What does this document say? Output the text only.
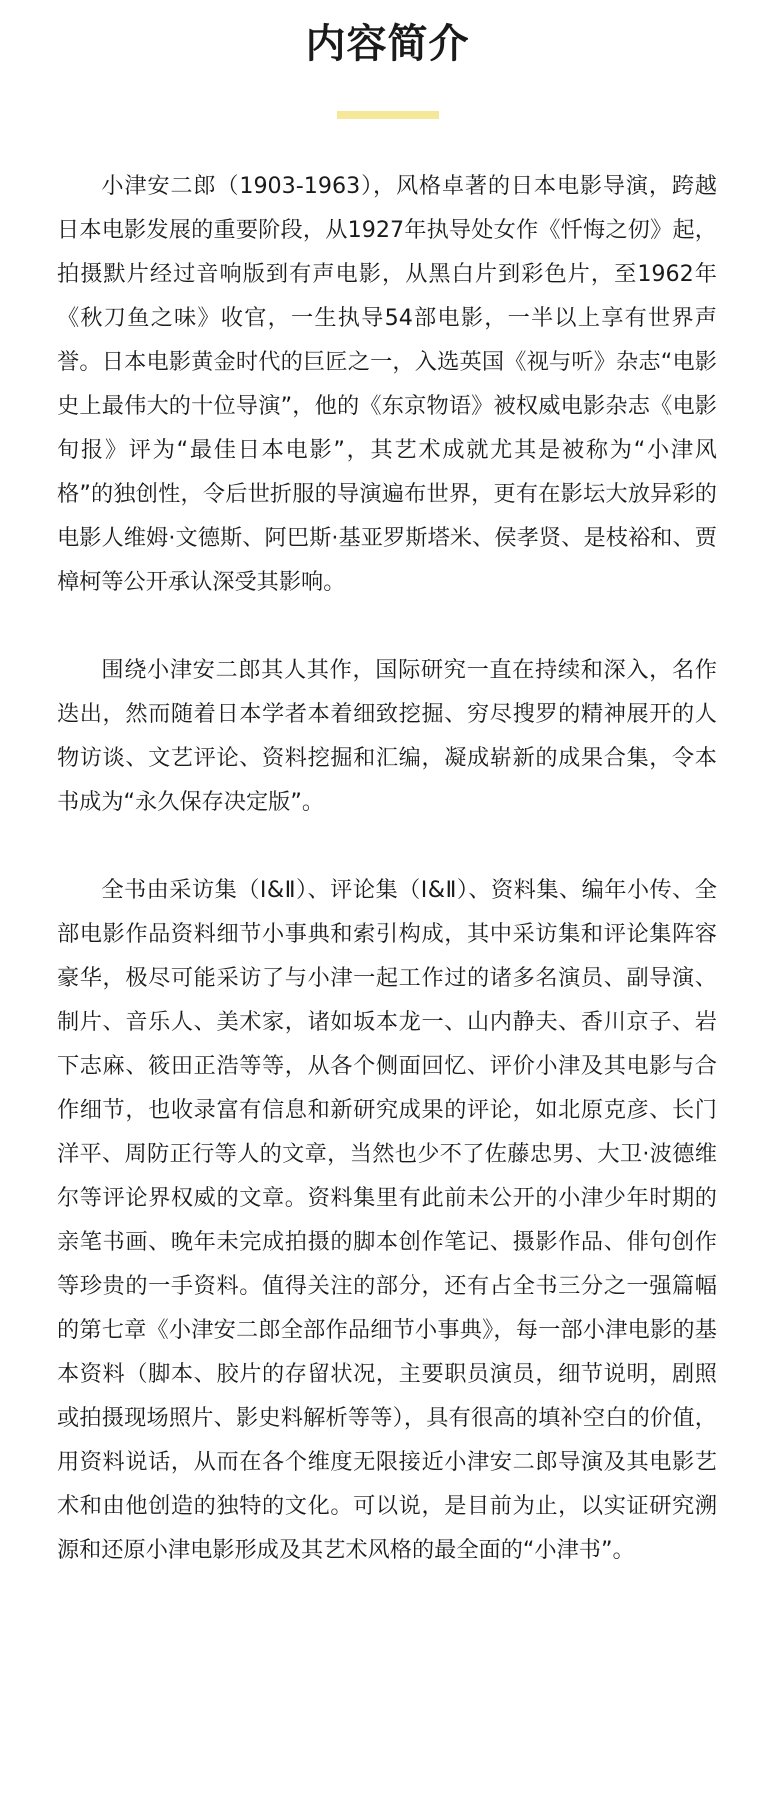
内容简介

小津安二郎（1903-1963），风格卓著的日本电影导演，跨越日本电影发展的重要阶段，从1927年执导处女作《忏悔之仞》起，拍摄默片经过音响版到有声电影，从黑白片到彩色片，至1962年《秋刀鱼之味》收官，一生执导54部电影，一半以上享有世界声誉。日本电影黄金时代的巨匠之一，入选英国《视与听》杂志“电影史上最伟大的十位导演”，他的《东京物语》被权威电影杂志《电影旬报》评为“最佳日本电影”，其艺术成就尤其是被称为“小津风格”的独创性，令后世折服的导演遍布世界，更有在影坛大放异彩的电影人维姆·文德斯、阿巴斯·基亚罗斯塔米、侯孝贤、是枝裕和、贾樟柯等公开承认深受其影响。

围绕小津安二郎其人其作，国际研究一直在持续和深入，名作迭出，然而随着日本学者本着细致挖掘、穷尽搜罗的精神展开的人物访谈、文艺评论、资料挖掘和汇编，凝成崭新的成果合集，令本书成为“永久保存决定版”。

全书由采访集（Ⅰ&Ⅱ）、评论集（Ⅰ&Ⅱ）、资料集、编年小传、全部电影作品资料细节小事典和索引构成，其中采访集和评论集阵容豪华，极尽可能采访了与小津一起工作过的诸多名演员、副导演、制片、音乐人、美术家，诸如坂本龙一、山内静夫、香川京子、岩下志麻、筱田正浩等等，从各个侧面回忆、评价小津及其电影与合作细节，也收录富有信息和新研究成果的评论，如北原克彦、长门洋平、周防正行等人的文章，当然也少不了佐藤忠男、大卫·波德维尔等评论界权威的文章。资料集里有此前未公开的小津少年时期的亲笔书画、晚年未完成拍摄的脚本创作笔记、摄影作品、俳句创作等珍贵的一手资料。值得关注的部分，还有占全书三分之一强篇幅的第七章《小津安二郎全部作品细节小事典》，每一部小津电影的基本资料（脚本、胶片的存留状况，主要职员演员，细节说明，剧照或拍摄现场照片、影史料解析等等），具有很高的填补空白的价值，用资料说话，从而在各个维度无限接近小津安二郎导演及其电影艺术和由他创造的独特的文化。可以说，是目前为止，以实证研究溯源和还原小津电影形成及其艺术风格的最全面的“小津书”。
